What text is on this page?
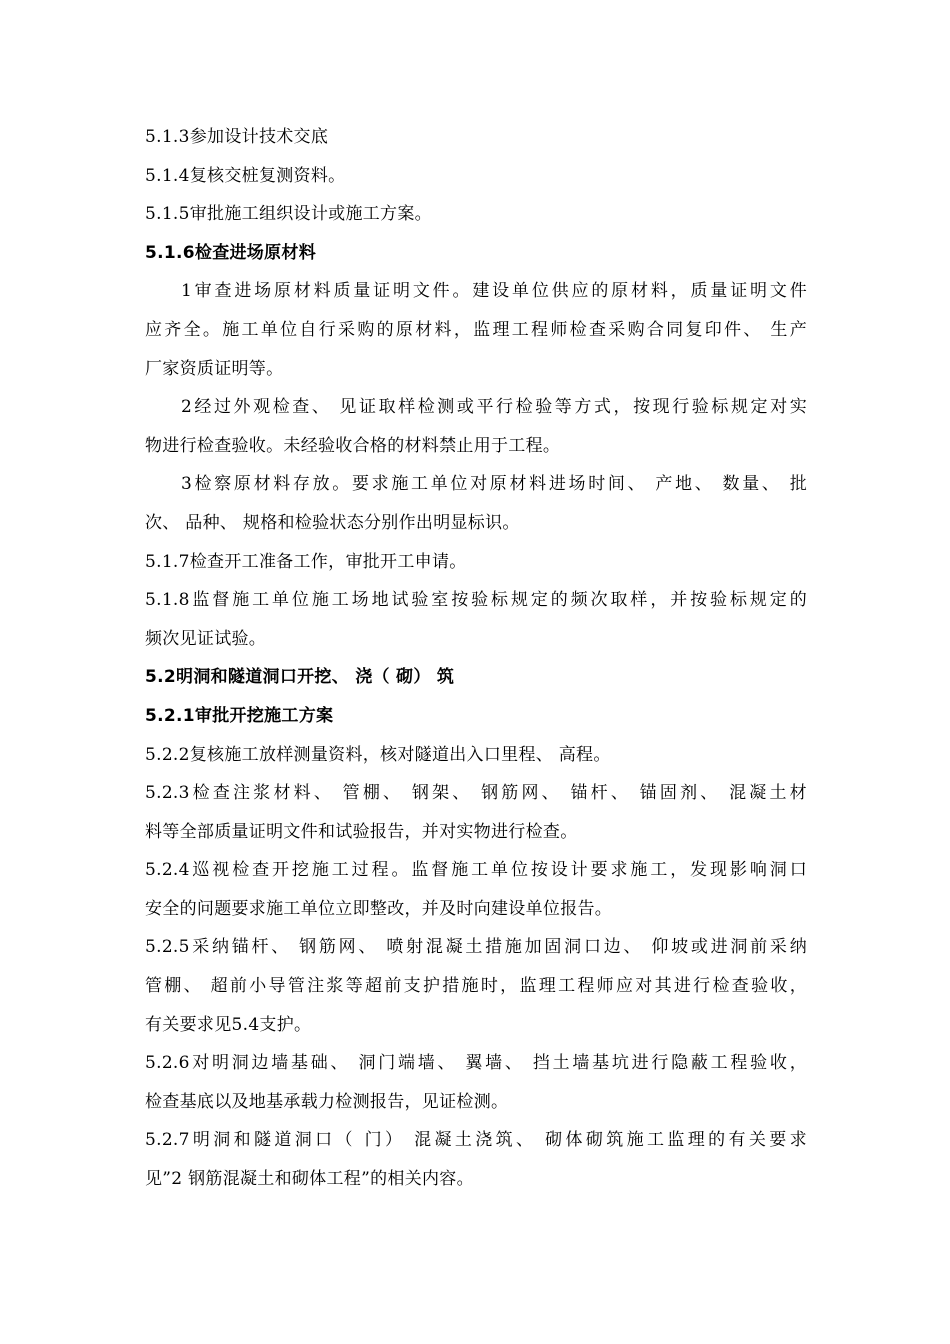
5.1.3参加设计技术交底
5.1.4复核交桩复测资料。
5.1.5审批施工组织设计或施工方案。
5.1.6检查进场原材料
1审查进场原材料质量证明文件。建设单位供应的原材料，质量证明文件
应齐全。施工单位自行采购的原材料，监理工程师检查采购合同复印件、 生产
厂家资质证明等。
2经过外观检查、 见证取样检测或平行检验等方式，按现行验标规定对实
物进行检查验收。未经验收合格的材料禁止用于工程。
3检察原材料存放。要求施工单位对原材料进场时间、 产地、 数量、 批
次、 品种、 规格和检验状态分别作出明显标识。
5.1.7检查开工准备工作，审批开工申请。
5.1.8监督施工单位施工场地试验室按验标规定的频次取样，并按验标规定的
频次见证试验。
5.2明洞和隧道洞口开挖、 浇（ 砌） 筑
5.2.1审批开挖施工方案
5.2.2复核施工放样测量资料，核对隧道出入口里程、 高程。
5.2.3检查注浆材料、 管棚、 钢架、 钢筋网、 锚杆、 锚固剂、 混凝土材
料等全部质量证明文件和试验报告，并对实物进行检查。
5.2.4巡视检查开挖施工过程。监督施工单位按设计要求施工，发现影响洞口
安全的问题要求施工单位立即整改，并及时向建设单位报告。
5.2.5采纳锚杆、 钢筋网、 喷射混凝土措施加固洞口边、 仰坡或进洞前采纳
管棚、 超前小导管注浆等超前支护措施时，监理工程师应对其进行检查验收，
有关要求见5.4支护。
5.2.6对明洞边墙基础、 洞门端墙、 翼墙、 挡土墙基坑进行隐蔽工程验收，
检查基底以及地基承载力检测报告，见证检测。
5.2.7明洞和隧道洞口（ 门） 混凝土浇筑、 砌体砌筑施工监理的有关要求
见”2 钢筋混凝土和砌体工程”的相关内容。
